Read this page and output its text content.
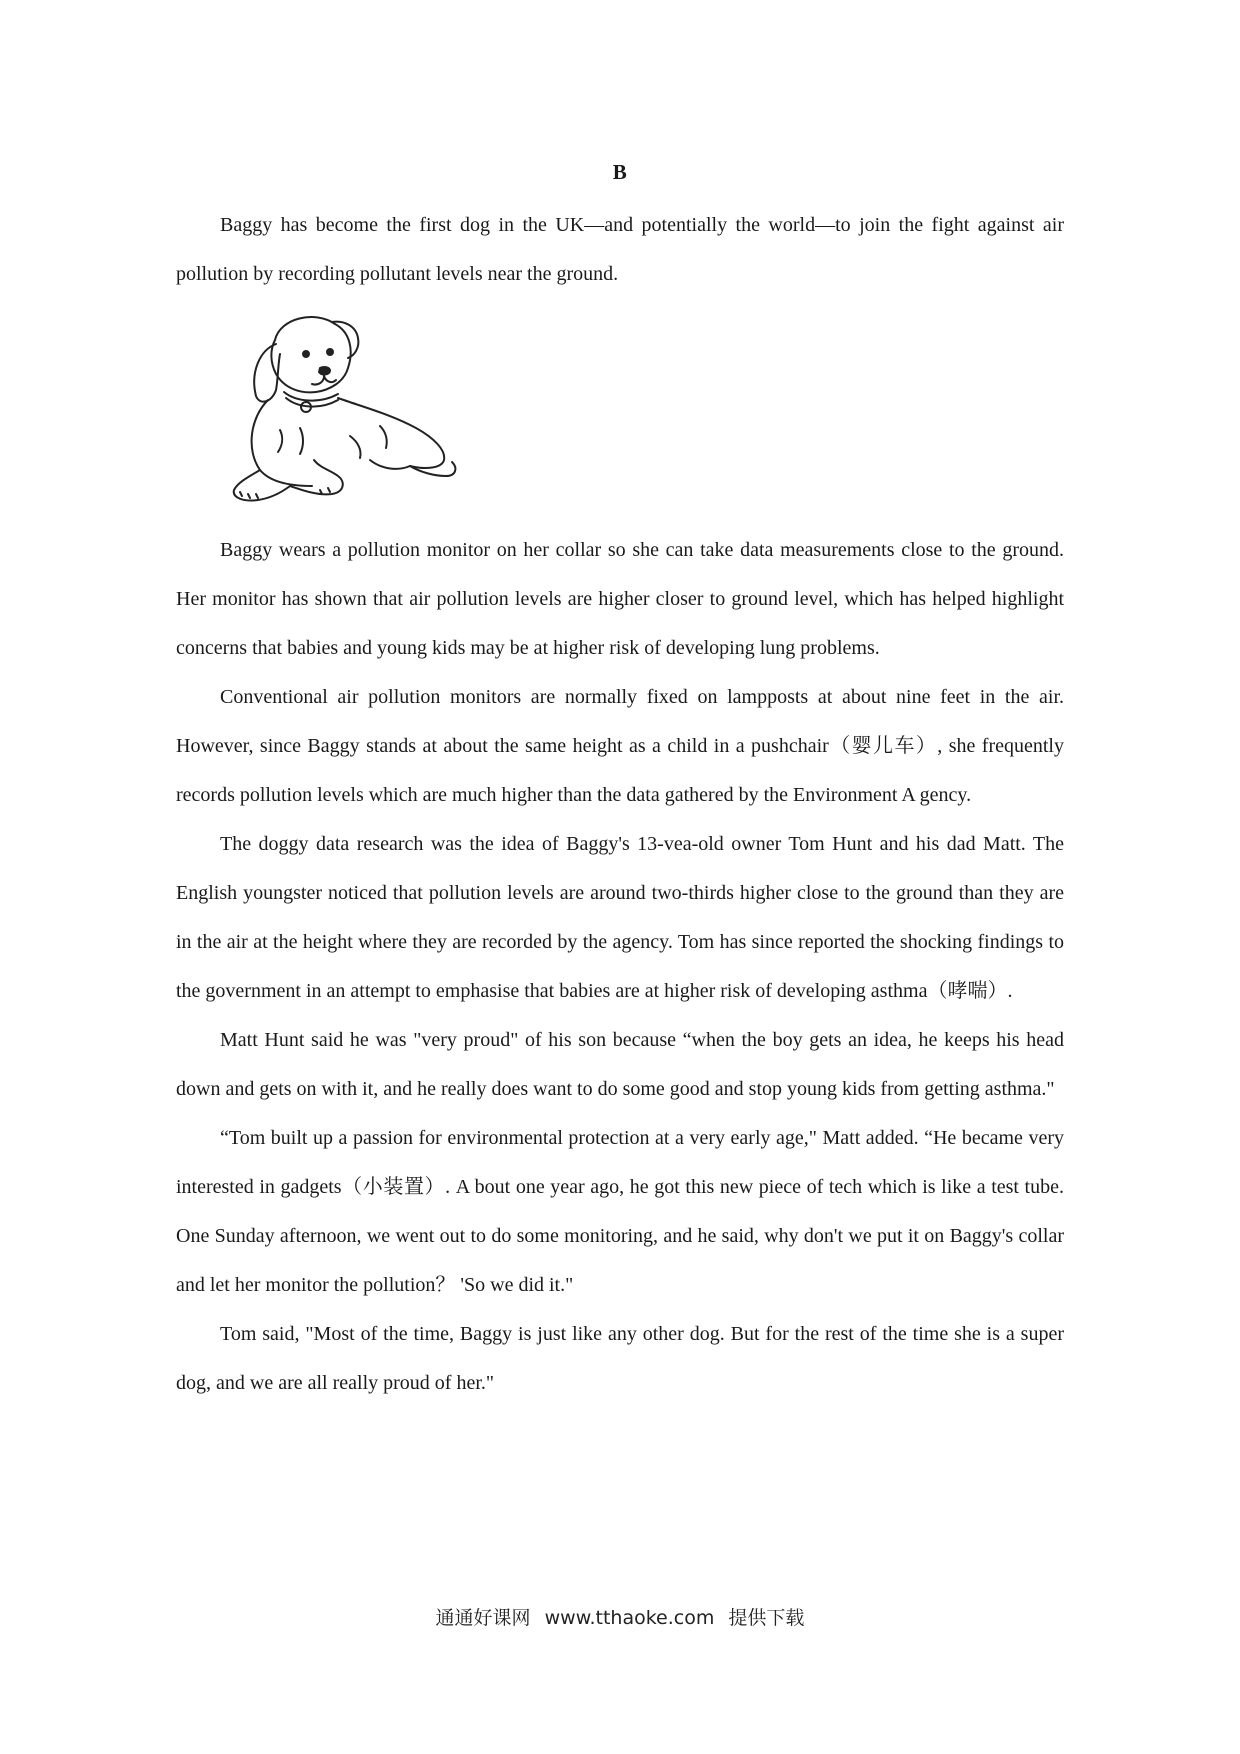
B

Baggy has become the first dog in the UK—and potentially the world—to join the fight against air pollution by recording pollutant levels near the ground.

Baggy wears a pollution monitor on her collar so she can take data measurements close to the ground. Her monitor has shown that air pollution levels are higher closer to ground level, which has helped highlight concerns that babies and young kids may be at higher risk of developing lung problems.

Conventional air pollution monitors are normally fixed on lampposts at about nine feet in the air. However, since Baggy stands at about the same height as a child in a pushchair（婴儿车）, she frequently records pollution levels which are much higher than the data gathered by the Environment A gency.

The doggy data research was the idea of Baggy's 13-vea-old owner Tom Hunt and his dad Matt. The English youngster noticed that pollution levels are around two-thirds higher close to the ground than they are in the air at the height where they are recorded by the agency. Tom has since reported the shocking findings to the government in an attempt to emphasise that babies are at higher risk of developing asthma（哮喘）.

Matt Hunt said he was "very proud" of his son because “when the boy gets an idea, he keeps his head down and gets on with it, and he really does want to do some good and stop young kids from getting asthma."

“Tom built up a passion for environmental protection at a very early age," Matt added. “He became very interested in gadgets（小装置）. A bout one year ago, he got this new piece of tech which is like a test tube. One Sunday afternoon, we went out to do some monitoring, and he said, why don't we put it on Baggy's collar and let her monitor the pollution？ 'So we did it."

Tom said, "Most of the time, Baggy is just like any other dog. But for the rest of the time she is a super dog, and we are all really proud of her."

通通好课网 www.tthaoke.com 提供下载
